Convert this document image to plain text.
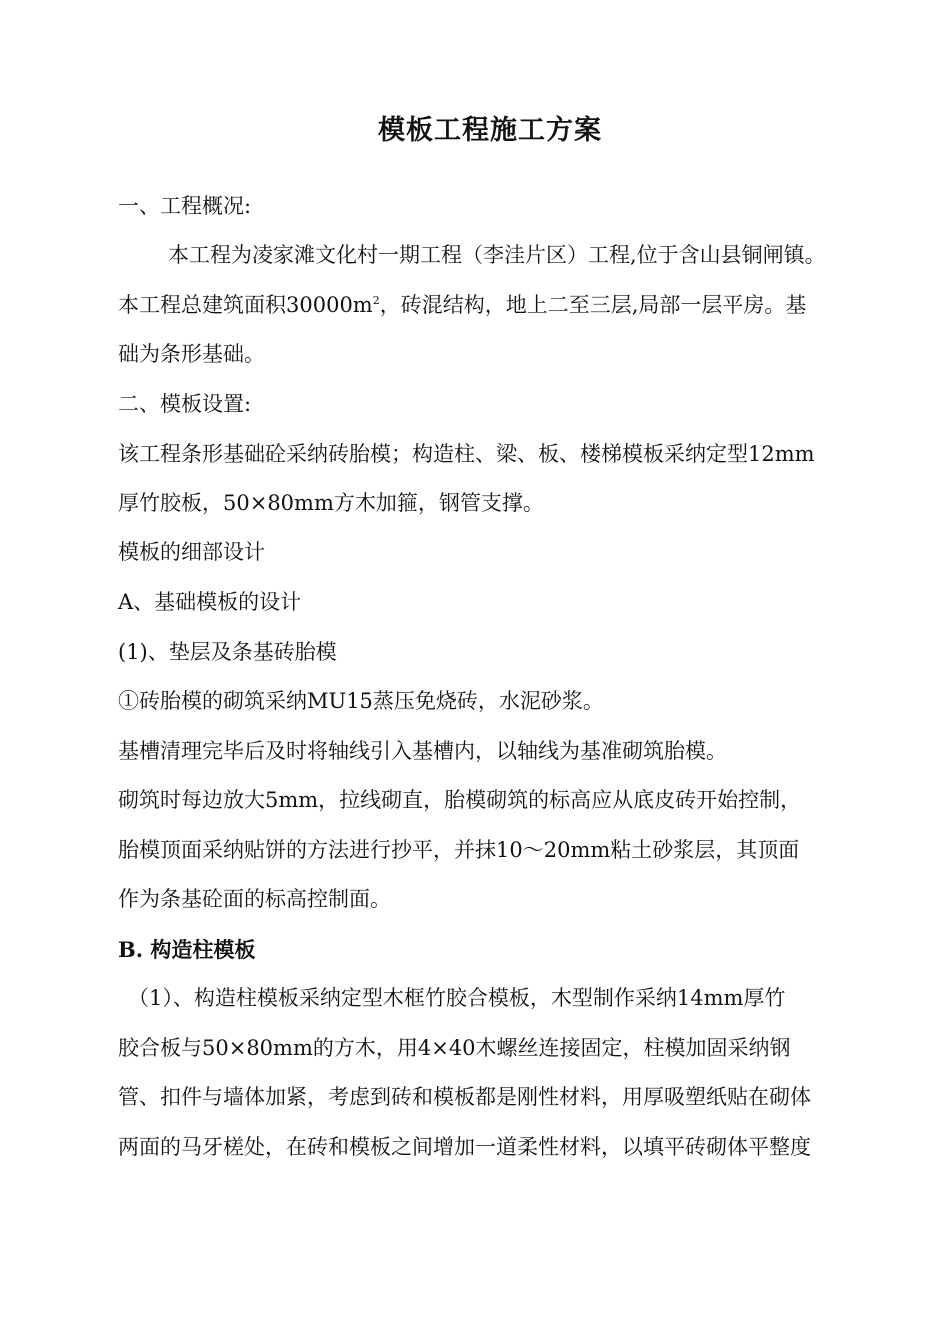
模板工程施工方案
一、工程概况:
本工程为凌家滩文化村一期工程（李洼片区）工程,位于含山县铜闸镇。
本工程总建筑面积$30000m^2$，砖混结构，地上二至三层,局部一层平房。基
础为条形基础。
二、模板设置:
该工程条形基础砼采纳砖胎模；构造柱、梁、板、楼梯模板采纳定型12mm
厚竹胶板，50×80mm方木加箍，钢管支撑。
模板的细部设计
A、基础模板的设计
(1)、垫层及条基砖胎模
①砖胎模的砌筑采纳MU15蒸压免烧砖，水泥砂浆。
基槽清理完毕后及时将轴线引入基槽内，以轴线为基准砌筑胎模。
砌筑时每边放大5mm，拉线砌直，胎模砌筑的标高应从底皮砖开始控制，
胎模顶面采纳贴饼的方法进行抄平，并抹10～20mm粘土砂浆层，其顶面
作为条基砼面的标高控制面。
B. 构造柱模板
（1）、构造柱模板采纳定型木框竹胶合模板，木型制作采纳14mm厚竹
胶合板与50×80mm的方木，用4×40木螺丝连接固定，柱模加固采纳钢
管、扣件与墙体加紧，考虑到砖和模板都是刚性材料，用厚吸塑纸贴在砌体
两面的马牙槎处，在砖和模板之间增加一道柔性材料，以填平砖砌体平整度
